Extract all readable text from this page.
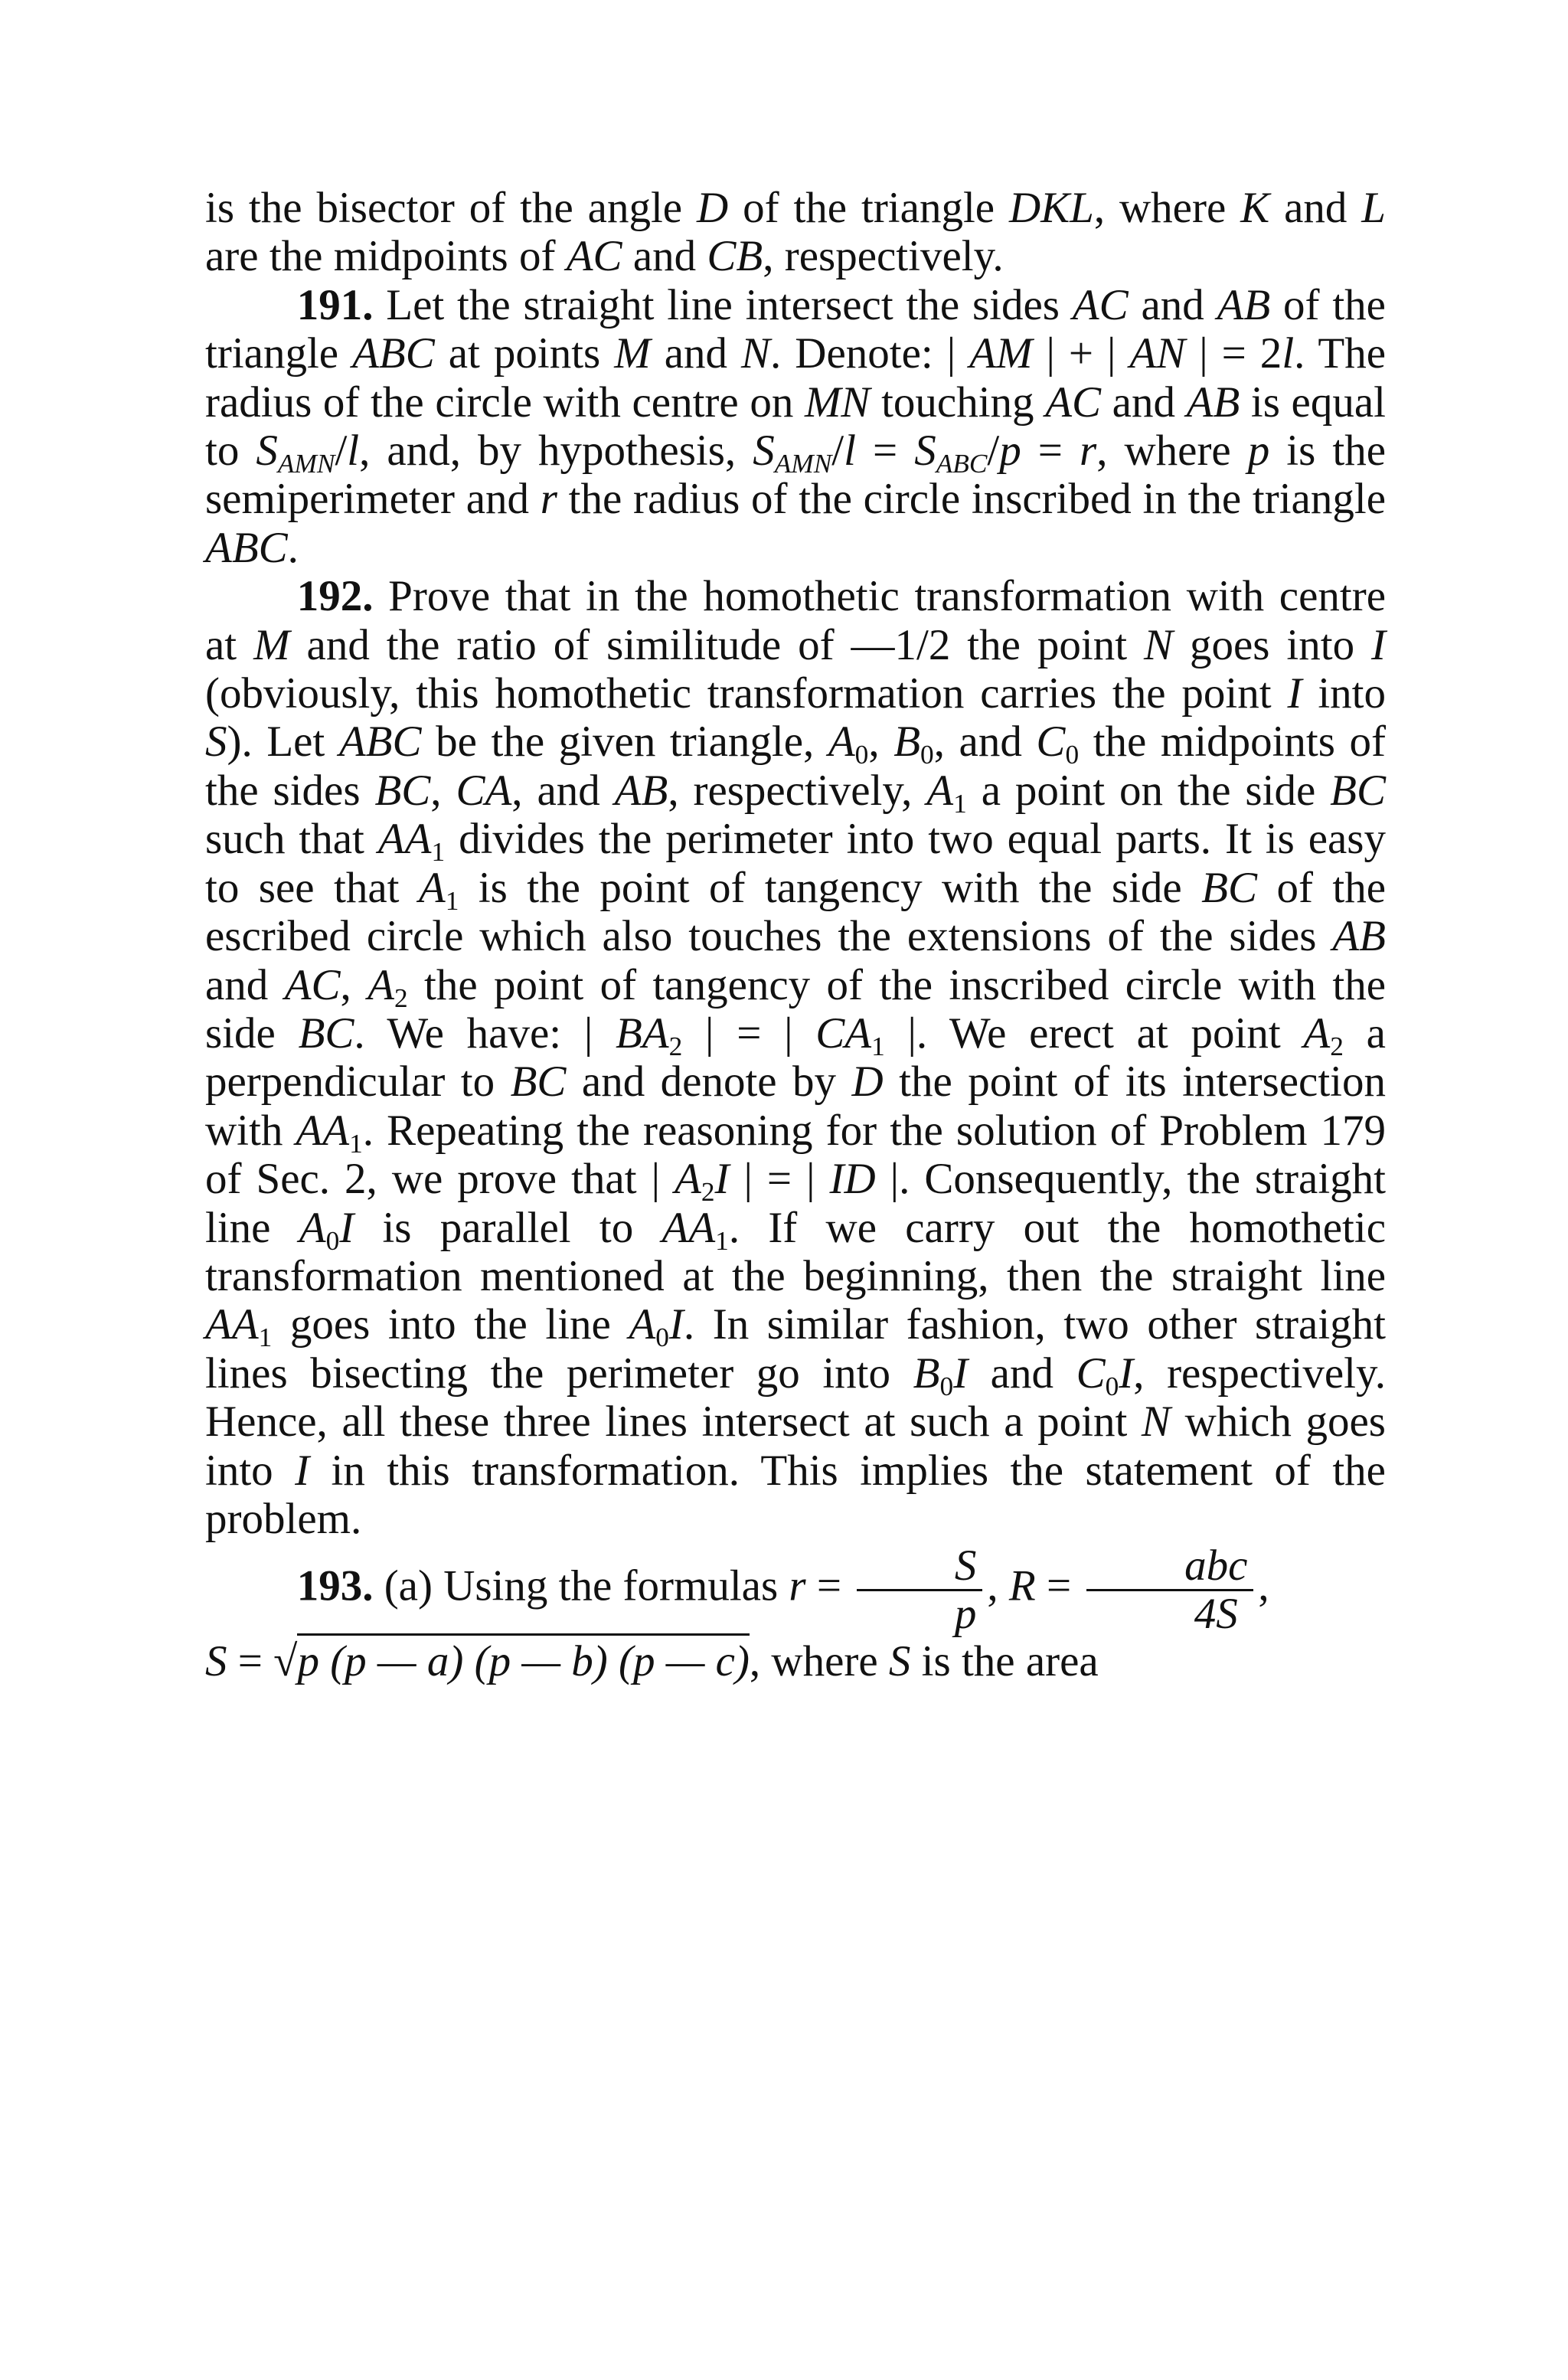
is the bisector of the angle D of the triangle DKL, where K and L are the midpoints of AC and CB, respectively.

191. Let the straight line intersect the sides AC and AB of the triangle ABC at points M and N. Denote: | AM | + | AN | = 2l. The radius of the circle with centre on MN touching AC and AB is equal to $S_{AMN}/l$, and, by hypothesis, $S_{AMN}/l = S_{ABC}/p = r$, where p is the semiperimeter and r the radius of the circle inscribed in the triangle ABC.

192. Prove that in the homothetic transformation with centre at M and the ratio of similitude of —1/2 the point N goes into I (obviously, this homothetic transformation carries the point I into S). Let ABC be the given triangle, $A_0$, $B_0$, and $C_0$ the midpoints of the sides BC, CA, and AB, respectively, $A_1$ a point on the side BC such that $AA_1$ divides the perimeter into two equal parts. It is easy to see that $A_1$ is the point of tangency with the side BC of the escribed circle which also touches the extensions of the sides AB and AC, $A_2$ the point of tangency of the inscribed circle with the side BC. We have: | $BA_2$ | = | $CA_1$ |. We erect at point $A_2$ a perpendicular to BC and denote by D the point of its intersection with $AA_1$. Repeating the reasoning for the solution of Problem 179 of Sec. 2, we prove that | $A_2I$ | = | ID |. Consequently, the straight line $A_0I$ is parallel to $AA_1$. If we carry out the homothetic transformation mentioned at the beginning, then the straight line $AA_1$ goes into the line $A_0I$. In similar fashion, two other straight lines bisecting the perimeter go into $B_0I$ and $C_0I$, respectively. Hence, all these three lines intersect at such a point N which goes into I in this transformation. This implies the statement of the problem.

193. (a) Using the formulas $r = \frac{S}{p}$ , $R = \frac{\text{abc}}{4S}$ ,
S = √p (p — a) (p — b) (p — c), where S is the area
